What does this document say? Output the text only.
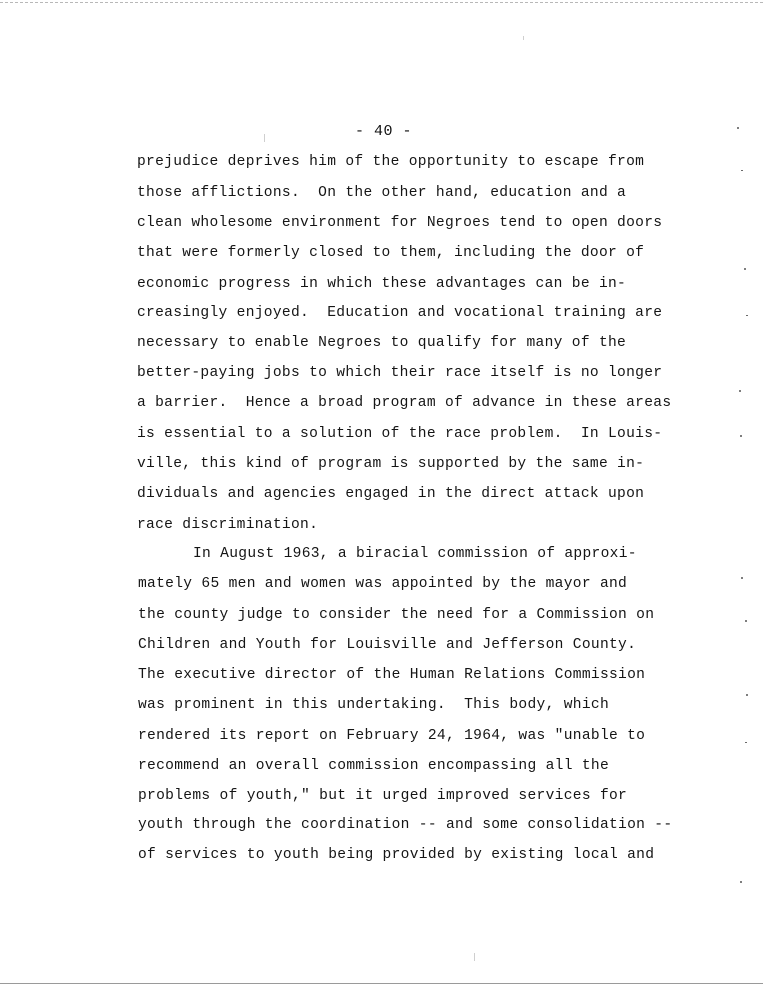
- 40 -
prejudice deprives him of the opportunity to escape from
those afflictions.  On the other hand, education and a
clean wholesome environment for Negroes tend to open doors
that were formerly closed to them, including the door of
economic progress in which these advantages can be in-
creasingly enjoyed.  Education and vocational training are
necessary to enable Negroes to qualify for many of the
better-paying jobs to which their race itself is no longer
a barrier.  Hence a broad program of advance in these areas
is essential to a solution of the race problem.  In Louis-
ville, this kind of program is supported by the same in-
dividuals and agencies engaged in the direct attack upon
race discrimination.
In August 1963, a biracial commission of approxi-
mately 65 men and women was appointed by the mayor and
the county judge to consider the need for a Commission on
Children and Youth for Louisville and Jefferson County.
The executive director of the Human Relations Commission
was prominent in this undertaking.  This body, which
rendered its report on February 24, 1964, was "unable to
recommend an overall commission encompassing all the
problems of youth," but it urged improved services for
youth through the coordination -- and some consolidation --
of services to youth being provided by existing local and
